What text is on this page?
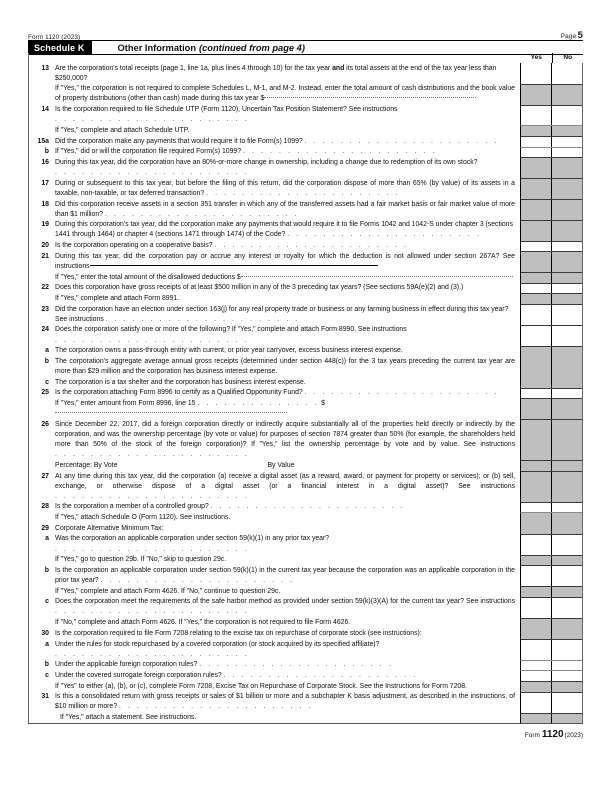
Form 1120 (2023)	Page 5
Schedule K	Other Information (continued from page 4)
Yes	No
13 Are the corporation's total receipts (page 1, line 1a, plus lines 4 through 10) for the tax year and its total assets at the end of the tax year less than $250,000?
If "Yes," the corporation is not required to complete Schedules L, M-1, and M-2. Instead, enter the total amount of cash distributions and the book value of property distributions (other than cash) made during this tax year $
14 Is the corporation required to file Schedule UTP (Form 1120), Uncertain Tax Position Statement? See instructions . . . . . . . . . . . . . . . . . . . . . .
If "Yes," complete and attach Schedule UTP.
15a Did the corporation make any payments that would require it to file Form(s) 1099? . . . . . . . . . . . . . . . . . . . . . .
b If "Yes," did or will the corporation file required Form(s) 1099? . . . . . . . . . . . . . . . . . . . . . .
16 During this tax year, did the corporation have an 80%-or-more change in ownership, including a change due to redemption of its own stock? . . . . . . . . . . . . . . . . . . . . . .
17 During or subsequent to this tax year, but before the filing of this return, did the corporation dispose of more than 65% (by value) of its assets in a taxable, non-taxable, or tax deferred transaction? . . . . . . . . . . . . . . . . . . . . . .
18 Did this corporation receive assets in a section 351 transfer in which any of the transferred assets had a fair market basis or fair market value of more than $1 million? . . . . . . . . . . . . . . . . . . . . . .
19 During this corporation's tax year, did the corporation make any payments that would require it to file Forms 1042 and 1042-S under chapter 3 (sections 1441 through 1464) or chapter 4 (sections 1471 through 1474) of the Code? . . . . . . . . . . . . . . . . . . . . . .
20 Is the corporation operating on a cooperative basis? . . . . . . . . . . . . . . . . . . . . . .
21 During this tax year, did the corporation pay or accrue any interest or royalty for which the deduction is not allowed under section 267A? See instructions
If "Yes," enter the total amount of the disallowed deductions $
22 Does this corporation have gross receipts of at least $500 million in any of the 3 preceding tax years? (See sections 59A(e)(2) and (3).)
If "Yes," complete and attach Form 8991.
23 Did the corporation have an election under section 163(j) for any real property trade or business or any farming business in effect during this tax year? See instructions . . . . . . . . . . . . . . . . . . . . . .
24 Does the corporation satisfy one or more of the following? If "Yes," complete and attach Form 8990. See instructions . . . . . . . . . . . . . . . . . . . . . .
a The corporation owns a pass-through entity with current, or prior year carryover, excess business interest expense.
b The corporation's aggregate average annual gross receipts (determined under section 448(c)) for the 3 tax years preceding the current tax year are more than $29 million and the corporation has business interest expense.
c The corporation is a tax shelter and the corporation has business interest expense.
25 Is the corporation attaching Form 8996 to certify as a Qualified Opportunity Fund? . . . . . . . . . . . . . . . . . . . . . .
If "Yes," enter amount from Form 8996, line 15 . . . . . . . . . . . . . . $
26 Since December 22, 2017, did a foreign corporation directly or indirectly acquire substantially all of the properties held directly or indirectly by the corporation, and was the ownership percentage (by vote or value) for purposes of section 7874 greater than 50% (for example, the shareholders held more than 50% of the stock of the foreign corporation)? If "Yes," list the ownership percentage by vote and by value. See instructions . . . . . . . . . . . . . . . . . . . . . .
Percentage: By Vote	By Value
27 At any time during this tax year, did the corporation (a) receive a digital asset (as a reward, award, or payment for property or services); or (b) sell, exchange, or otherwise dispose of a digital asset (or a financial interest in a digital asset)? See instructions . . . . . . . . . . . . . . . . . . . . . .
28 Is the corporation a member of a controlled group? . . . . . . . . . . . . . . . . . . . . . .
If "Yes," attach Schedule O (Form 1120). See instructions.
29 Corporate Alternative Minimum Tax:
a Was the corporation an applicable corporation under section 59(k)(1) in any prior tax year? . . . . . . . . . . . . . . . . . . . . . .
If "Yes," go to question 29b. If "No," skip to question 29c.
b Is the corporation an applicable corporation under section 59(k)(1) in the current tax year because the corporation was an applicable corporation in the prior tax year? . . . . . . . . . . . . . . . . . . . . . .
If "Yes," complete and attach Form 4626. If "No," continue to question 29c.
c Does the corporation meet the requirements of the safe harbor method as provided under section 59(k)(3)(A) for the current tax year? See instructions . . . . . . . . . . . . . . . . . . . . . .
If "No," complete and attach Form 4626. If "Yes," the corporation is not required to file Form 4626.
30 Is the corporation required to file Form 7208 relating to the excise tax on repurchase of corporate stock (see instructions):
a Under the rules for stock repurchased by a covered corporation (or stock acquired by its specified affiliate)? . . . . . . . . . . . . . . . . . . . . . .
b Under the applicable foreign corporation rules? . . . . . . . . . . . . . . . . . . . . . .
c Under the covered surrogate foreign corporation rules? . . . . . . . . . . . . . . . . . . . . . .
If "Yes" to either (a), (b), or (c), complete Form 7208, Excise Tax on Repurchase of Corporate Stock. See the Instructions for Form 7208.
31 Is this a consolidated return with gross receipts or sales of $1 billion or more and a subchapter K basis adjustment, as described in the instructions, of $10 million or more? . . . . . . . . . . . . . . . . . . . . . .
If "Yes," attach a statement. See instructions.
Form 1120(2023)
